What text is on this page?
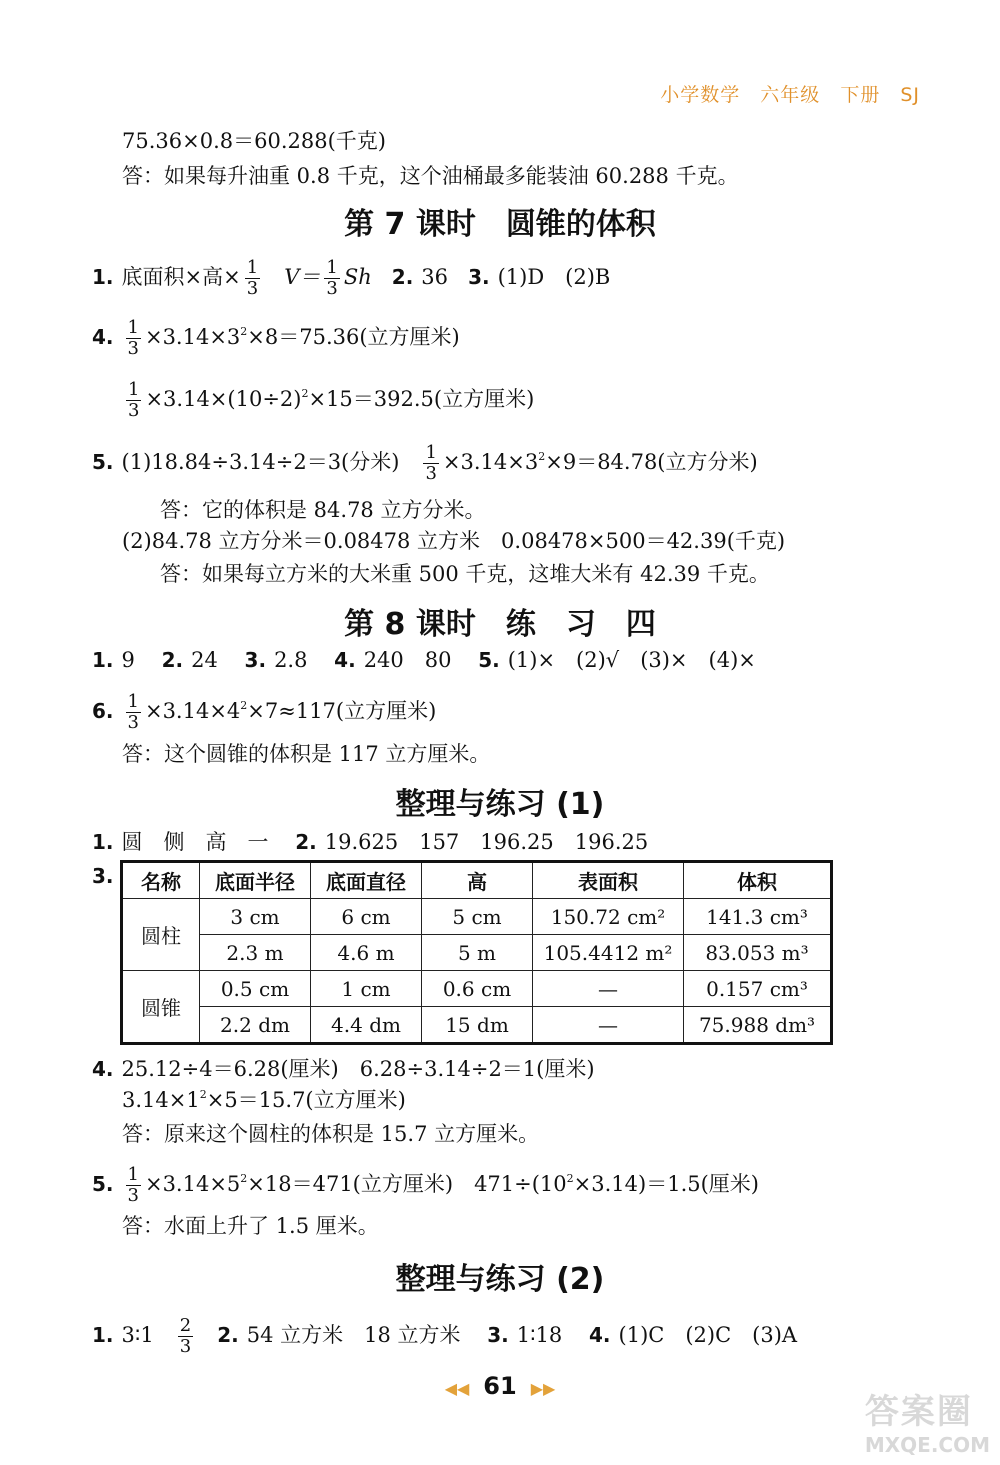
小学数学 六年级 下册 SJ
75.36×0.8＝60.288(千克)
答：如果每升油重 0.8 千克，这个油桶最多能装油 60.288 千克。
第 7 课时　圆锥的体积
1. 底面积×高× $\frac{1}{3} V= \frac{1}{3}$ Sh 2. 36 3. (1)D　(2)B
4. $\frac{1}{3} \times 3.14\times 3^2\times 8=75.36$(立方厘米)
$\frac{1}{3} \times 3.14\times(10\div 2)^2\times 15=392.5$(立方厘米)
5. (1)18.84÷3.14÷2＝3(分米) $\frac{1}{3} \times 3.14\times 3^2\times 9=84.78$(立方分米)
答：它的体积是 84.78 立方分米。
(2)84.78 立方分米＝0.08478 立方米　0.08478×500＝42.39(千克)
答：如果每立方米的大米重 500 千克，这堆大米有 42.39 千克。
第 8 课时　练　习　四
1. 9 2. 24 3. 2.8 4. 240　80 5. (1)×　(2)√　(3)×　(4)×
6. $\frac{1}{3} \times 3.14\times 4^2\times 7\approx 117$(立方厘米)
答：这个圆锥的体积是 117 立方厘米。
整理与练习 (1)
1. 圆　侧　高　一 2. 19.625　157　196.25　196.25
3.	名称	底面半径	底面直径	高	表面积	体积
圆柱	3 cm	6 cm	5 cm	150.72 cm²	141.3 cm³
	2.3 m	4.6 m	5 m	105.4412 m²	83.053 m³
圆锥	0.5 cm	1 cm	0.6 cm	—	0.157 cm³
	2.2 dm	4.4 dm	15 dm	—	75.988 dm³
4. 25.12÷4＝6.28(厘米)　6.28÷3.14÷2＝1(厘米)
$3.14\times 1^2\times 5=15.7$(立方厘米)
答：原来这个圆柱的体积是 15.7 立方厘米。
5. $\frac{1}{3} \times 3.14\times 5^2\times 18=471$(立方厘米)　$471\div(10^2\times 3.14)=1.5$(厘米)
答：水面上升了 1.5 厘米。
整理与练习 (2)
1. 3∶1 $\frac{2}{3} 2$. 54 立方米　18 立方米 3. 1∶18 4. (1)C　(2)C　(3)A
◀◀ 61 ▶▶
答案圈
MXQE.COM
